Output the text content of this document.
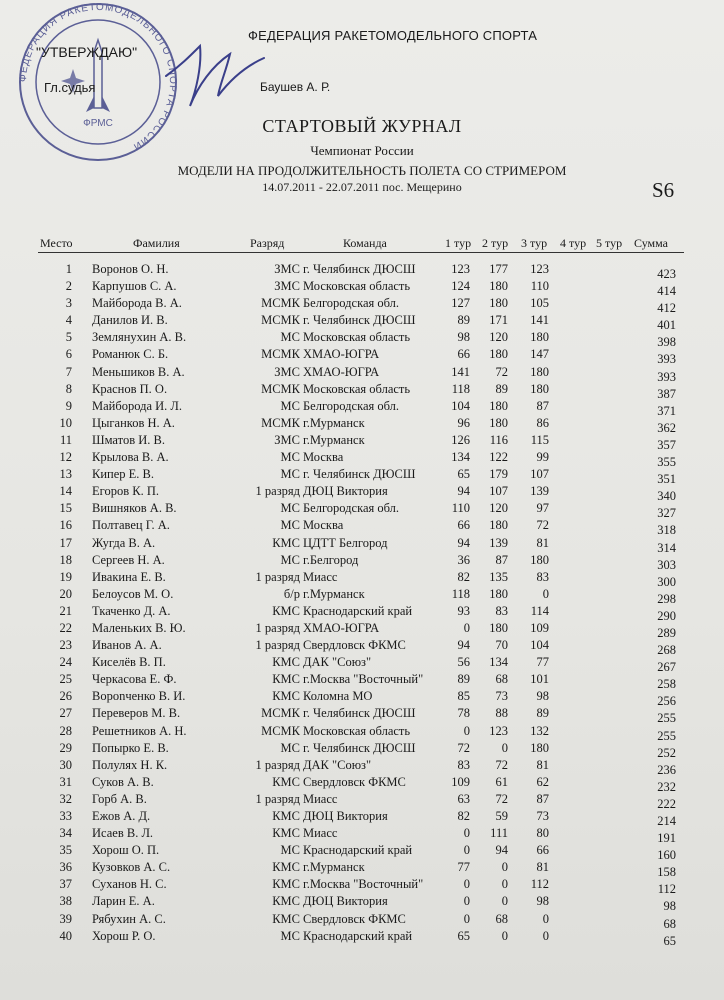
ФЕДЕРАЦИЯ РАКЕТОМОДЕЛЬНОГО СПОРТА РОССИИ
ФРМС
"УТВЕРЖДАЮ"
Гл.судья
ФЕДЕРАЦИЯ РАКЕТОМОДЕЛЬНОГО СПОРТА
Баушев А. Р.
СТАРТОВЫЙ ЖУРНАЛ
Чемпионат России
МОДЕЛИ НА ПРОДОЛЖИТЕЛЬНОСТЬ ПОЛЕТА СО СТРИМЕРОМ
14.07.2011 - 22.07.2011 пос. Мещерино	S6
Место	Фамилия	Разряд	Команда	1 тур 2 тур 3 тур 4 тур 5 тур Сумма
1 Воронов О. Н.	ЗМС г. Челябинск ДЮСШ	123	177	123	423
2 Карпушов С. А.	ЗМС Московская область	124	180	110	414
3 Майборода В. А.	МСМК Белгородская обл.	127	180	105	412
4 Данилов И. В.	МСМК г. Челябинск ДЮСШ	89	171	141	401
5 Землянухин А. В.	МС Московская область	98	120	180	398
6 Романюк С. Б.	МСМК ХМАО-ЮГРА	66	180	147	393
7 Меньшиков В. А.	ЗМС ХМАО-ЮГРА	141	72	180	393
8 Краснов П. О.	МСМК Московская область	118	89	180	387
9 Майборода И. Л.	МС Белгородская обл.	104	180	87	371
10 Цыганков Н. А.	МСМК г.Мурманск	96	180	86	362
11 Шматов И. В.	ЗМС г.Мурманск	126	116	115	357
12 Крылова В. А.	МС Москва	134	122	99	355
13 Кипер Е. В.	МС г. Челябинск ДЮСШ	65	179	107	351
14 Егоров К. П.	1 разряд ДЮЦ Виктория	94	107	139	340
15 Вишняков А. В.	МС Белгородская обл.	110	120	97	327
16 Полтавец Г. А.	МС Москва	66	180	72	318
17 Жугда В. А.	КМС ЦДТТ Белгород	94	139	81	314
18 Сергеев Н. А.	МС г.Белгород	36	87	180	303
19 Ивакина Е. В.	1 разряд Миасс	82	135	83	300
20 Белоусов М. О.	б/р г.Мурманск	118	180	0	298
21 Ткаченко Д. А.	КМС Краснодарский край	93	83	114	290
22 Маленьких В. Ю.	1 разряд ХМАО-ЮГРА	0	180	109	289
23 Иванов А. А.	1 разряд Свердловск ФКМС	94	70	104	268
24 Киселёв В. П.	КМС ДАК "Союз"	56	134	77	267
25 Черкасова Е. Ф.	КМС г.Москва "Восточный"	89	68	101	258
26 Ворonченко В. И.	КМС Коломна МО	85	73	98	256
27 Переверов М. В.	МСМК г. Челябинск ДЮСШ	78	88	89	255
28 Решетников А. Н.	МСМК Московская область	0	123	132	255
29 Попырко Е. В.	МС г. Челябинск ДЮСШ	72	0	180	252
30 Полулях Н. К.	1 разряд ДАК "Союз"	83	72	81	236
31 Суков А. В.	КМС Свердловск ФКМС	109	61	62	232
32 Горб А. В.	1 разряд Миасс	63	72	87	222
33 Ежов А. Д.	КМС ДЮЦ Виктория	82	59	73	214
34 Исаев В. Л.	КМС Миасс	0	111	80	191
35 Хорош О. П.	МС Краснодарский край	0	94	66	160
36 Кузовков А. С.	КМС г.Мурманск	77	0	81	158
37 Суханов Н. С.	КМС г.Москва "Восточный"	0	0	112	112
38 Ларин Е. А.	КМС ДЮЦ Виктория	0	0	98	98
39 Рябухин А. С.	КМС Свердловск ФКМС	0	68	0	68
40 Хорош Р. О.	МС Краснодарский край	65	0	0	65
